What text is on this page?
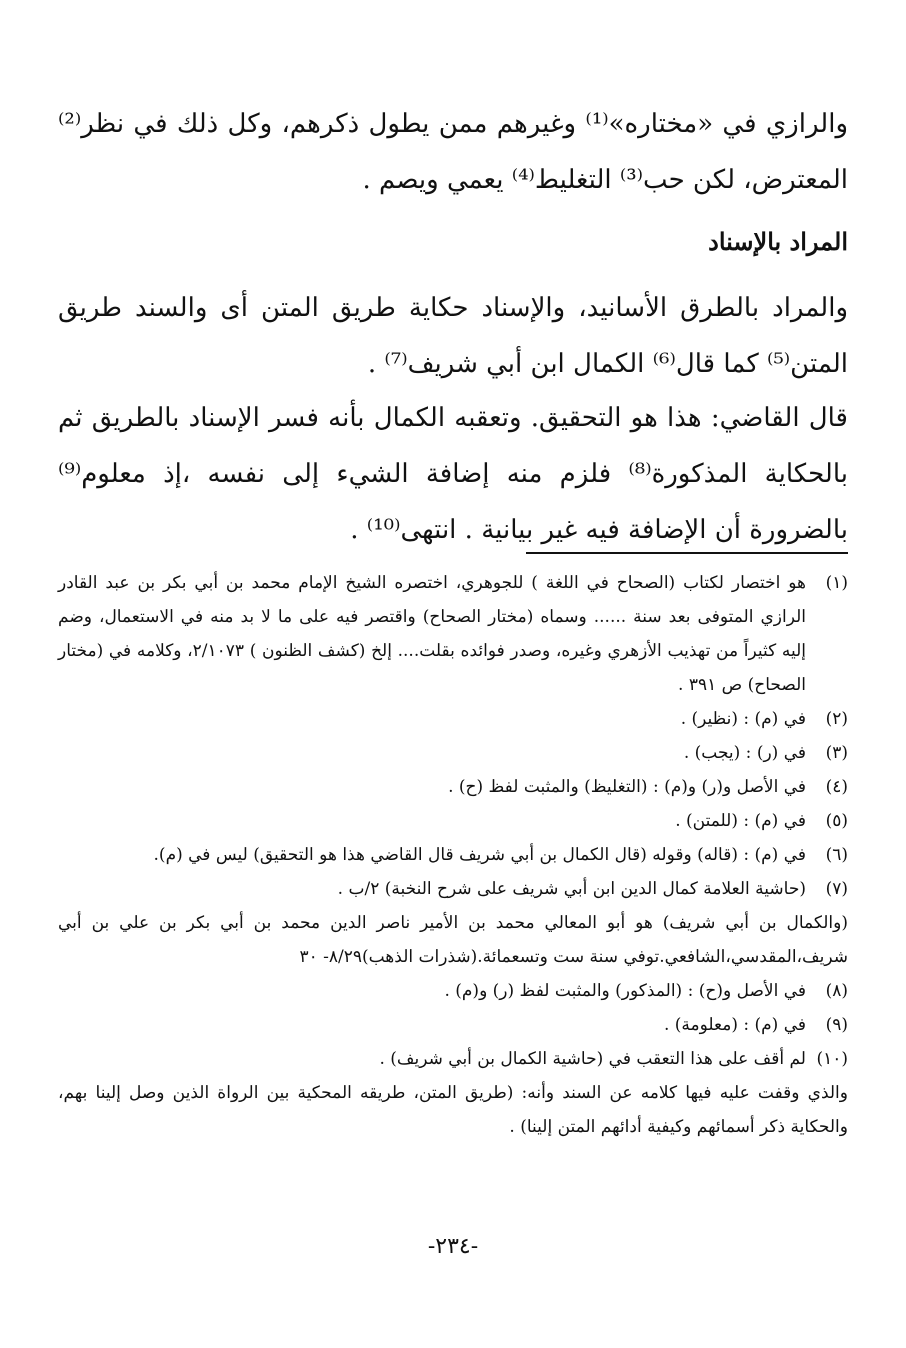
والرازي في «مختاره»⁽¹⁾ وغيرهم ممن يطول ذكرهم، وكل ذلك في نظر⁽²⁾ المعترض، لكن حب⁽³⁾ التغليط⁽⁴⁾ يعمي ويصم .

المراد بالإسناد

والمراد بالطرق الأسانيد، والإسناد حكاية طريق المتن أى والسند طريق المتن⁽⁵⁾ كما قال⁽⁶⁾ الكمال ابن أبي شريف⁽⁷⁾ .

قال القاضي: هذا هو التحقيق. وتعقبه الكمال بأنه فسر الإسناد بالطريق ثم بالحكاية المذكورة⁽⁸⁾ فلزم منه إضافة الشيء إلى نفسه ،إذ معلوم⁽⁹⁾ بالضرورة أن الإضافة فيه غير بيانية . انتهى⁽¹⁰⁾ .

(١)
هو اختصار لكتاب (الصحاح في اللغة ) للجوهري، اختصره الشيخ الإمام محمد بن أبي بكر بن عبد القادر الرازي المتوفى بعد سنة ...... وسماه (مختار الصحاح) واقتصر فيه على ما لا بد منه في الاستعمال، وضم إليه كثيراً من تهذيب الأزهري وغيره، وصدر فوائده بقلت.... إلخ (كشف الظنون ) ٢/١٠٧٣، وكلامه في (مختار الصحاح) ص ٣٩١ .
(٢)
في (م) : (نظير) .
(٣)
في (ر) : (يجب) .
(٤)
في الأصل و(ر) و(م) : (التغليظ) والمثبت لفظ (ح) .
(٥)
في (م) : (للمتن) .
(٦)
في (م) : (قاله) وقوله (قال الكمال بن أبي شريف قال القاضي هذا هو التحقيق) ليس في (م).
(٧)
(حاشية العلامة كمال الدين ابن أبي شريف على شرح النخبة) ٢/ب .
(والكمال بن أبي شريف) هو أبو المعالي محمد بن الأمير ناصر الدين محمد بن أبي بكر بن علي بن أبي شريف،المقدسي،الشافعي.توفي سنة ست وتسعمائة.(شذرات الذهب)٨/٢٩- ٣٠
(٨)
في الأصل و(ح) : (المذكور) والمثبت لفظ (ر) و(م) .
(٩)
في (م) : (معلومة) .
(١٠)
لم أقف على هذا التعقب في (حاشية الكمال بن أبي شريف) .
والذي وقفت عليه فيها كلامه عن السند وأنه: (طريق المتن، طريقه المحكية بين الرواة الذين وصل إلينا بهم، والحكاية ذكر أسمائهم وكيفية أدائهم المتن إلينا) .
-٢٣٤-
